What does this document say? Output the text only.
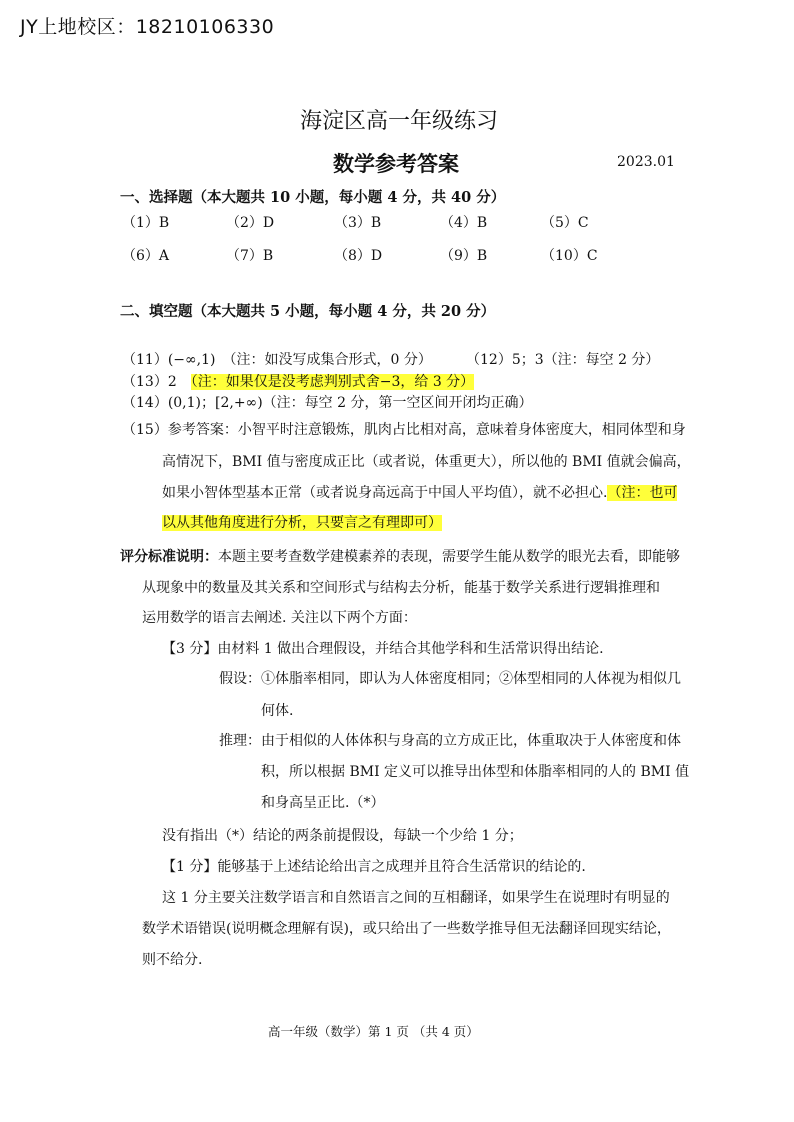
JY上地校区：18210106330
海淀区高一年级练习
数学参考答案	2023.01
一、选择题（本大题共 10 小题，每小题 4 分，共 40 分）
（1）B	（2）D	（3）B	（4）B	（5）C
（6）A	（7）B	（8）D	（9）B	（10）C
二、填空题（本大题共 5 小题，每小题 4 分，共 20 分）
（11）(−∞,1)　（注：如没写成集合形式，0 分） （12）5；3（注：每空 2 分）
（13）2　（注：如果仅是没考虑判别式舍−3，给 3 分）
（14）(0,1)；[2,+∞)（注：每空 2 分，第一空区间开闭均正确）
（15）参考答案：小智平时注意锻炼，肌肉占比相对高，意味着身体密度大，相同体型和身
高情况下，BMI 值与密度成正比（或者说，体重更大），所以他的 BMI 值就会偏高，
如果小智体型基本正常（或者说身高远高于中国人平均值），就不必担心.（注：也可
以从其他角度进行分析，只要言之有理即可）
评分标准说明：本题主要考查数学建模素养的表现，需要学生能从数学的眼光去看，即能够
从现象中的数量及其关系和空间形式与结构去分析，能基于数学关系进行逻辑推理和
运用数学的语言去阐述. 关注以下两个方面：
【3 分】由材料 1 做出合理假设，并结合其他学科和生活常识得出结论.
假设：①体脂率相同，即认为人体密度相同；②体型相同的人体视为相似几
何体.
推理：由于相似的人体体积与身高的立方成正比，体重取决于人体密度和体
积，所以根据 BMI 定义可以推导出体型和体脂率相同的人的 BMI 值
和身高呈正比.（*）
没有指出（*）结论的两条前提假设，每缺一个少给 1 分；
【1 分】能够基于上述结论给出言之成理并且符合生活常识的结论的.
这 1 分主要关注数学语言和自然语言之间的互相翻译，如果学生在说理时有明显的
数学术语错误(说明概念理解有误)，或只给出了一些数学推导但无法翻译回现实结论，
则不给分.
高一年级（数学）第 1 页 （共 4 页）
